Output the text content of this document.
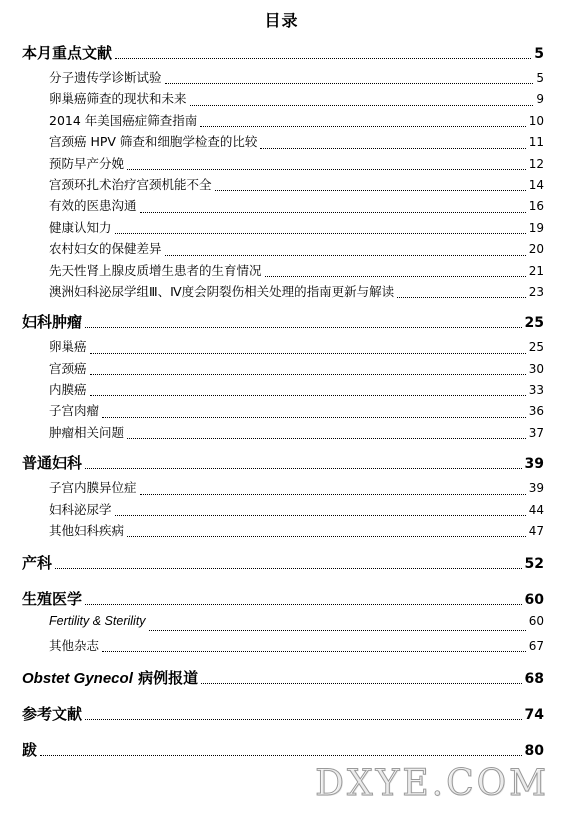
目录
本月重点文献	5
分子遗传学诊断试验	5
卵巢癌筛查的现状和未来	9
2014 年美国癌症筛查指南	10
宫颈癌 HPV 筛查和细胞学检查的比较	11
预防早产分娩	12
宫颈环扎术治疗宫颈机能不全	14
有效的医患沟通	16
健康认知力	19
农村妇女的保健差异	20
先天性肾上腺皮质增生患者的生育情况	21
澳洲妇科泌尿学组Ⅲ、Ⅳ度会阴裂伤相关处理的指南更新与解读	23
妇科肿瘤	25
卵巢癌	25
宫颈癌	30
内膜癌	33
子宫肉瘤	36
肿瘤相关问题	37
普通妇科	39
子宫内膜异位症	39
妇科泌尿学	44
其他妇科疾病	47
产科	52
生殖医学	60
Fertility & Sterility	60
其他杂志	67
Obstet Gynecol 病例报道	68
参考文献	74
跋	80
DXYE.COM
